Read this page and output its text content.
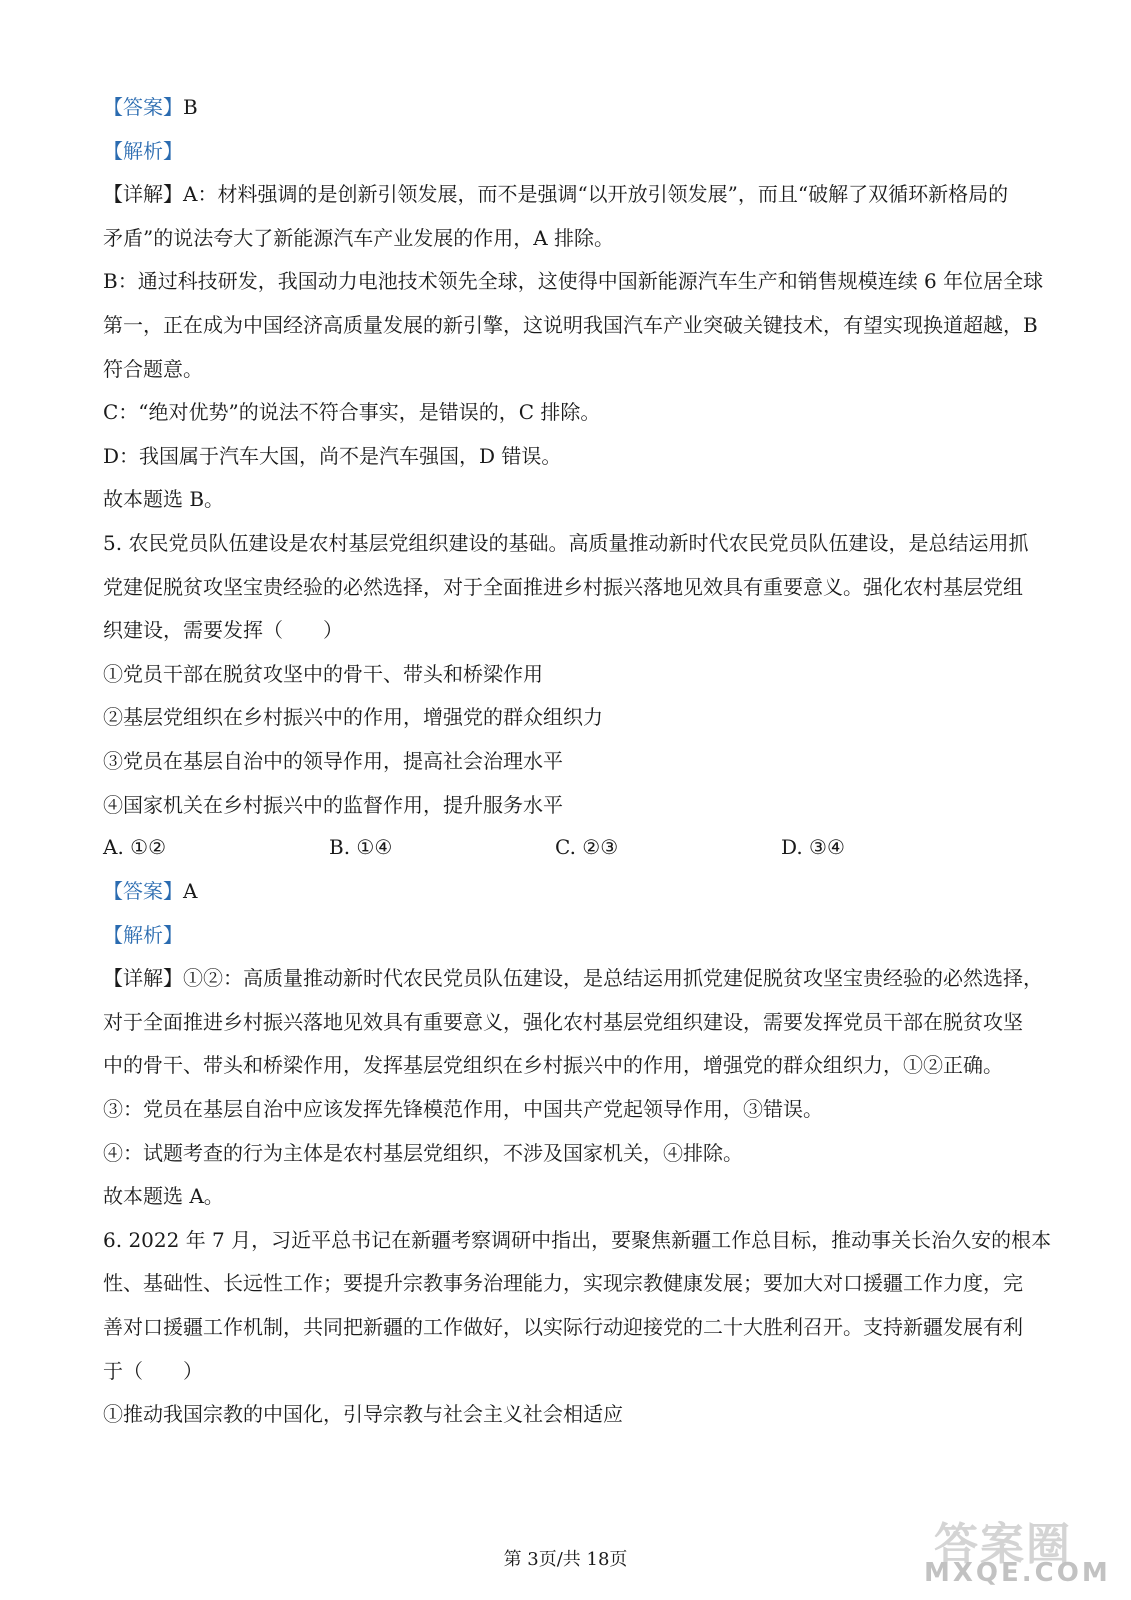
【答案】B
【解析】
【详解】A：材料强调的是创新引领发展，而不是强调“以开放引领发展”，而且“破解了双循环新格局的
矛盾”的说法夸大了新能源汽车产业发展的作用，A 排除。
B：通过科技研发，我国动力电池技术领先全球，这使得中国新能源汽车生产和销售规模连续 6 年位居全球
第一，正在成为中国经济高质量发展的新引擎，这说明我国汽车产业突破关键技术，有望实现换道超越，B
符合题意。
C：“绝对优势”的说法不符合事实，是错误的，C 排除。
D：我国属于汽车大国，尚不是汽车强国，D 错误。
故本题选 B。
5. 农民党员队伍建设是农村基层党组织建设的基础。高质量推动新时代农民党员队伍建设，是总结运用抓
党建促脱贫攻坚宝贵经验的必然选择，对于全面推进乡村振兴落地见效具有重要意义。强化农村基层党组
织建设，需要发挥（　　）
①党员干部在脱贫攻坚中的骨干、带头和桥梁作用
②基层党组织在乡村振兴中的作用，增强党的群众组织力
③党员在基层自治中的领导作用，提高社会治理水平
④国家机关在乡村振兴中的监督作用，提升服务水平
A. ①②	B. ①④	C. ②③	D. ③④
【答案】A
【解析】
【详解】①②：高质量推动新时代农民党员队伍建设，是总结运用抓党建促脱贫攻坚宝贵经验的必然选择，
对于全面推进乡村振兴落地见效具有重要意义，强化农村基层党组织建设，需要发挥党员干部在脱贫攻坚
中的骨干、带头和桥梁作用，发挥基层党组织在乡村振兴中的作用，增强党的群众组织力，①②正确。
③：党员在基层自治中应该发挥先锋模范作用，中国共产党起领导作用，③错误。
④：试题考查的行为主体是农村基层党组织，不涉及国家机关，④排除。
故本题选 A。
6. 2022 年 7 月，习近平总书记在新疆考察调研中指出，要聚焦新疆工作总目标，推动事关长治久安的根本
性、基础性、长远性工作；要提升宗教事务治理能力，实现宗教健康发展；要加大对口援疆工作力度，完
善对口援疆工作机制，共同把新疆的工作做好，以实际行动迎接党的二十大胜利召开。支持新疆发展有利
于（　　）
①推动我国宗教的中国化，引导宗教与社会主义社会相适应
第 3页/共 18页	答案圈
MXQE.COM
